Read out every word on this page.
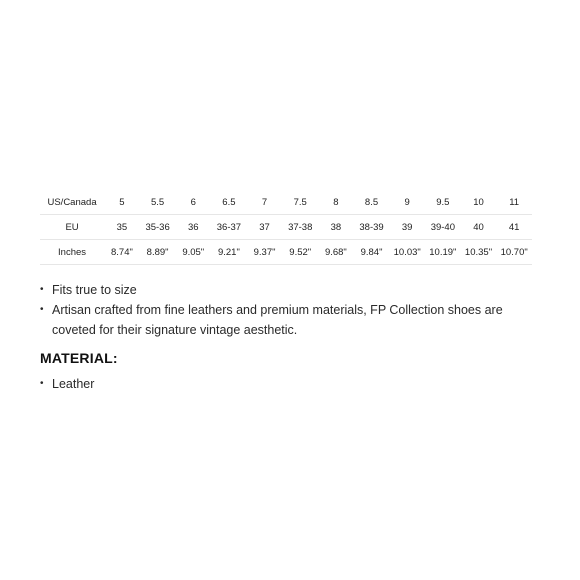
US/Canada	5	5.5	6	6.5	7	7.5	8	8.5	9	9.5	10	11
EU	35	35-36	36	36-37	37	37-38	38	38-39	39	39-40	40	41
Inches	8.74"	8.89"	9.05"	9.21"	9.37"	9.52"	9.68"	9.84"	10.03"	10.19"	10.35"	10.70"
• Fits true to size
• Artisan crafted from fine leathers and premium materials, FP Collection shoes are coveted for their signature vintage aesthetic.
MATERIAL:
• Leather
